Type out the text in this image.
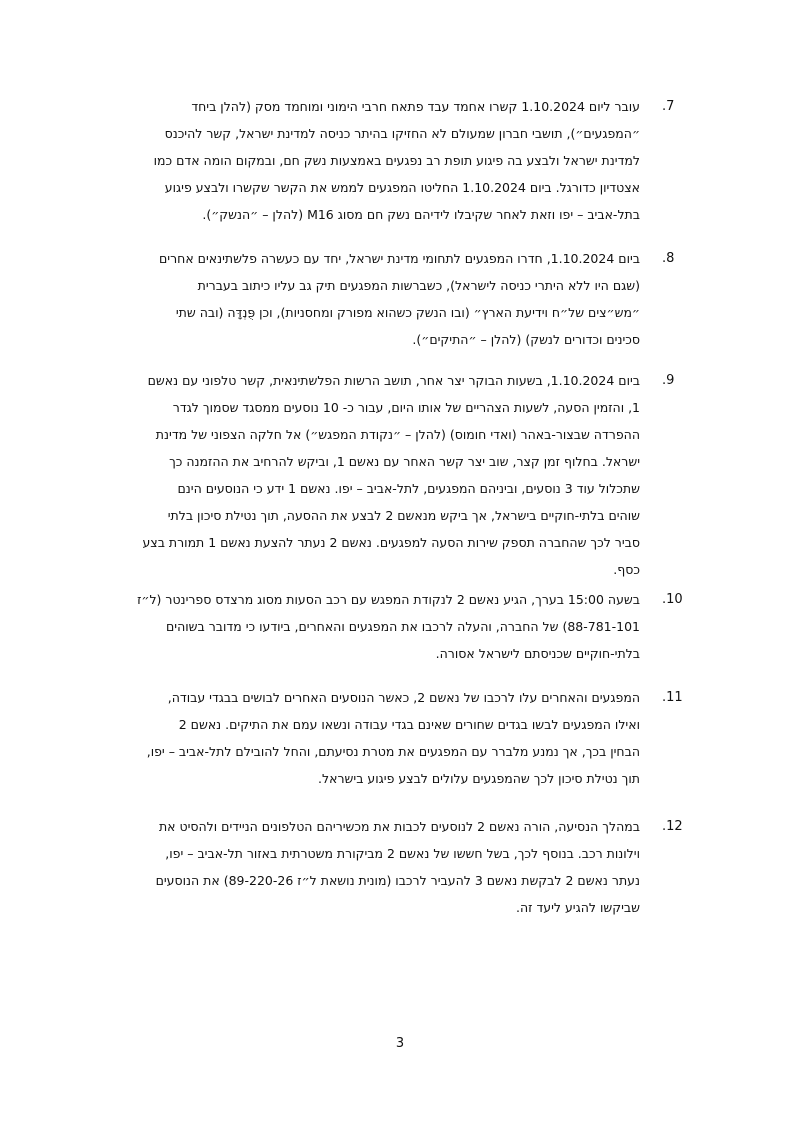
.7
עובר ליום 1.10.2024 קשרו אחמד עבד פתאח חרבי הימוני ומוחמד מסק (להלן ביחד
״המפגעים״), תושבי חברון שמעולם לא החזיקו בהיתר כניסה למדינת ישראל, קשר להיכנס
למדינת ישראל ולבצע בה פיגוע תופת רב נפגעים באמצעות נשק חם, ובמקום הומה אדם כמו
אצטדיון כדורגל. ביום 1.10.2024 החליטו המפגעים לממש את הקשר שקשרו ולבצע פיגוע
בתל-אביב – יפו וזאת לאחר שקיבלו לידיהם נשק חם מסוג M16 (להלן – ״הנשק״).
.8
ביום 1.10.2024, חדרו המפגעים לתחומי מדינת ישראל, יחד עם כעשרה פלשתינאים אחרים
(שגם היו ללא היתרי כניסה לישראל), כשברשות המפגעים תיק גב עליו כיתוב בעברית
״מש״צים של״ח וידיעת הארץ״ (ובו הנשק כשהוא מפורק ומחסניות), וכן פֻּנְדָּה (ובה שתי
סכינים וכדורים לנשק) (להלן – ״התיקים״).
.9
ביום 1.10.2024, בשעות הבוקר יצר אחר, תושב הרשות הפלשתינאית, קשר טלפוני עם נאשם
1, והזמין הסעה, לשעות הצהריים של אותו היום, עבור כ- 10 נוסעים ממסגד שסמוך לגדר
ההפרדה שבצור-באהר (ואדי חומוס) (להלן – ״נקודת המפגש״) אל חלקה הצפוני של מדינת
ישראל. בחלוף זמן קצר, שוב יצר קשר האחר עם נאשם 1, וביקש להרחיב את ההזמנה כך
שתכלול עוד 3 נוסעים, וביניהם המפגעים, לתל-אביב – יפו. נאשם 1 ידע כי הנוסעים הינם
שוהים בלתי-חוקיים בישראל, אך ביקש מנאשם 2 לבצע את ההסעה, תוך נטילת סיכון בלתי
סביר לכך שהחברה תספק שירות הסעה למפגעים. נאשם 2 נעתר להצעת נאשם 1 תמורת בצע
כסף.
.10
בשעה 15:00 בערך, הגיע נאשם 2 לנקודת המפגש עם רכב הסעות מסוג מרצדס ספרינטר (ל״ז
88-781-101) של החברה, והעלה לרכבו את המפגעים והאחרים, ביודעו כי מדובר בשוהים
בלתי-חוקיים שכניסתם לישראל אסורה.
.11
המפגעים והאחרים עלו לרכבו של נאשם 2, כאשר הנוסעים האחרים לבושים בבגדי עבודה,
ואילו המפגעים לבשו בגדים שחורים שאינם בגדי עבודה ונשאו עמם את התיקים. נאשם 2
הבחין בכך, אך נמנע מלברר עם המפגעים את מטרת נסיעתם, והחל להובילם לתל-אביב – יפו,
תוך נטילת סיכון לכך שהמפגעים עלולים לבצע פיגוע בישראל.
.12
במהלך הנסיעה, הורה נאשם 2 לנוסעים לכבות את מכשיריהם הטלפונים הניידים ולהסיט את
וילונות רכב. בנוסף לכך, בשל חששו של נאשם 2 מביקורת משטרתית באזור תל-אביב – יפו,
נעתר נאשם 2 לבקשת נאשם 3 להעביר לרכבו (מונית נושאת ל״ז 89-220-26) את הנוסעים
שביקשו להגיע ליעד זה.
3
